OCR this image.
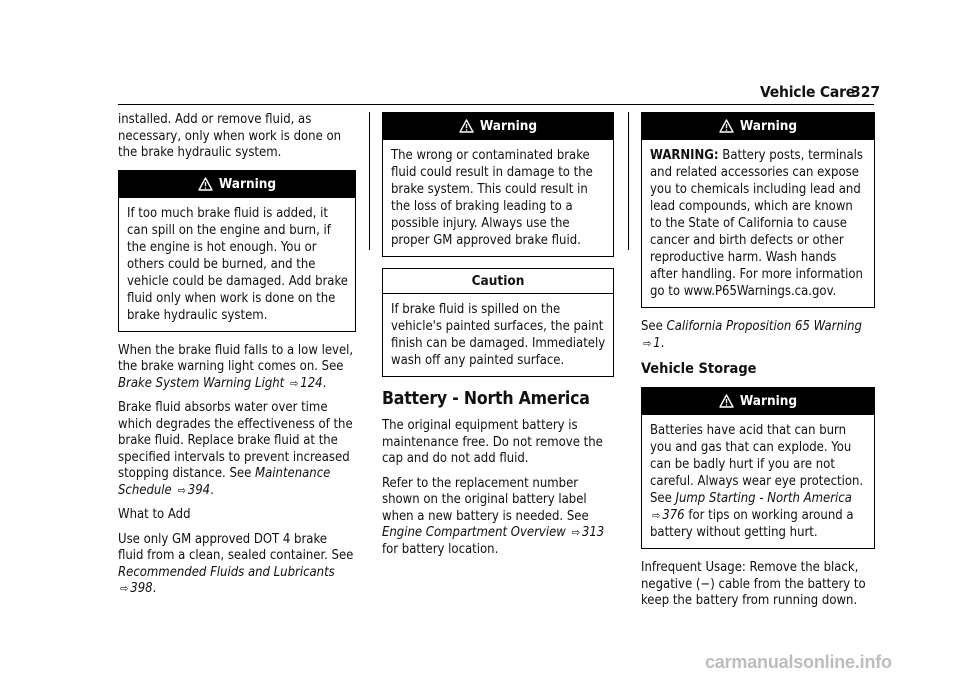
Vehicle Care
327

installed. Add or remove fluid, as necessary, only when work is done on the brake hydraulic system.

Warning
If too much brake fluid is added, it can spill on the engine and burn, if the engine is hot enough. You or others could be burned, and the vehicle could be damaged. Add brake fluid only when work is done on the brake hydraulic system.

When the brake fluid falls to a low level, the brake warning light comes on. See Brake System Warning Light ⇨ 124.

Brake fluid absorbs water over time which degrades the effectiveness of the brake fluid. Replace brake fluid at the specified intervals to prevent increased stopping distance. See Maintenance Schedule ⇨ 394.

What to Add

Use only GM approved DOT 4 brake fluid from a clean, sealed container. See Recommended Fluids and Lubricants ⇨ 398.

Warning
The wrong or contaminated brake fluid could result in damage to the brake system. This could result in the loss of braking leading to a possible injury. Always use the proper GM approved brake fluid.
Caution
If brake fluid is spilled on the vehicle's painted surfaces, the paint finish can be damaged. Immediately wash off any painted surface.
Battery - North America

The original equipment battery is maintenance free. Do not remove the cap and do not add fluid.

Refer to the replacement number shown on the original battery label when a new battery is needed. See Engine Compartment Overview ⇨ 313 for battery location.

Warning
WARNING: Battery posts, terminals and related accessories can expose you to chemicals including lead and lead compounds, which are known to the State of California to cause cancer and birth defects or other reproductive harm. Wash hands after handling. For more information go to www.P65Warnings.ca.gov.

See California Proposition 65 Warning ⇨ 1.

Vehicle Storage
Warning
Batteries have acid that can burn you and gas that can explode. You can be badly hurt if you are not careful. Always wear eye protection. See Jump Starting - North America ⇨ 376 for tips on working around a battery without getting hurt.

Infrequent Usage: Remove the black, negative (−) cable from the battery to keep the battery from running down.

carmanualsonline.info
